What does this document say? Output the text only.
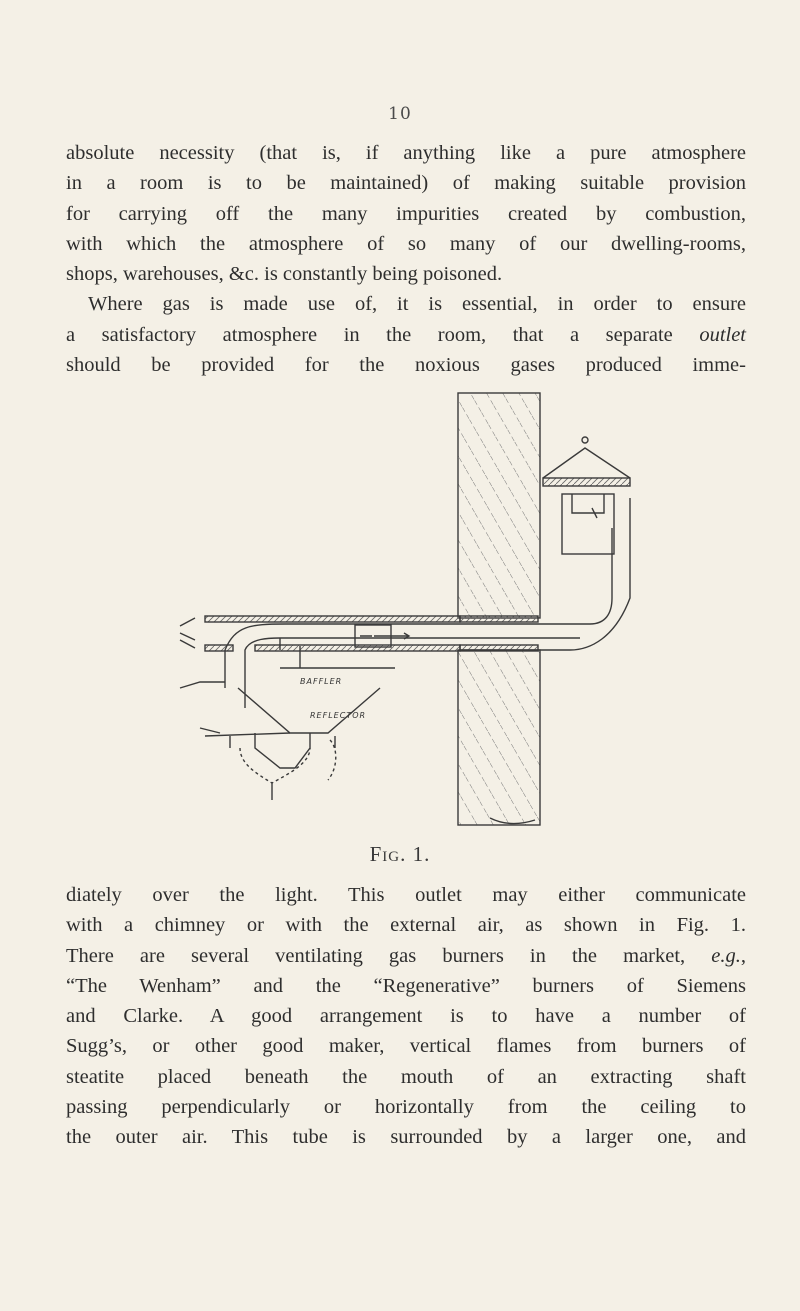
10
absolute necessity (that is, if anything like a pure atmosphere
in a room is to be maintained) of making suitable provision
for carrying off the many impurities created by combustion,
with which the atmosphere of so many of our dwelling-rooms,
shops, warehouses, &c. is constantly being poisoned.
Where gas is made use of, it is essential, in order to ensure
a satisfactory atmosphere in the room, that a separate outlet
should be provided for the noxious gases produced imme-
BAFFLER
REFLECTOR
Fig. 1.
diately over the light. This outlet may either communicate
with a chimney or with the external air, as shown in Fig. 1.
There are several ventilating gas burners in the market, e.g.,
“The Wenham” and the “Regenerative” burners of Siemens
and Clarke. A good arrangement is to have a number of
Sugg’s, or other good maker, vertical flames from burners of
steatite placed beneath the mouth of an extracting shaft
passing perpendicularly or horizontally from the ceiling to
the outer air. This tube is surrounded by a larger one, and
